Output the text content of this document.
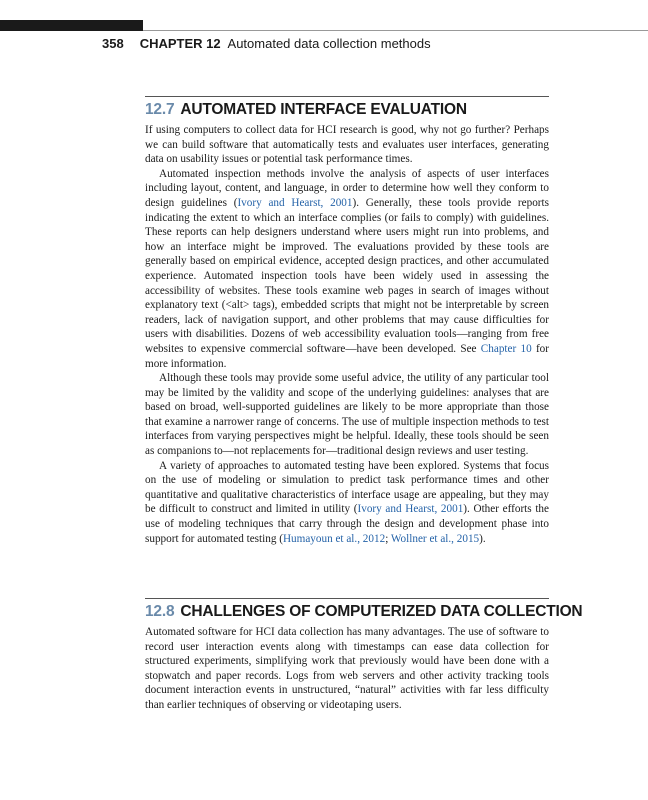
358 CHAPTER 12 Automated data collection methods
12.7 AUTOMATED INTERFACE EVALUATION

If using computers to collect data for HCI research is good, why not go further? Perhaps we can build software that automatically tests and evaluates user interfaces, generating data on usability issues or potential task performance times.

Automated inspection methods involve the analysis of aspects of user interfaces including layout, content, and language, in order to determine how well they conform to design guidelines (Ivory and Hearst, 2001). Generally, these tools provide reports indicating the extent to which an interface complies (or fails to comply) with guidelines. These reports can help designers understand where users might run into problems, and how an interface might be improved. The evaluations provided by these tools are generally based on empirical evidence, accepted design practices, and other accumulated experience. Automated inspection tools have been widely used in assessing the accessibility of websites. These tools examine web pages in search of images without explanatory text (<alt> tags), embedded scripts that might not be interpretable by screen readers, lack of navigation support, and other problems that may cause difficulties for users with disabilities. Dozens of web accessibility evaluation tools—ranging from free websites to expensive commercial software—have been developed. See Chapter 10 for more information.

Although these tools may provide some useful advice, the utility of any particular tool may be limited by the validity and scope of the underlying guidelines: analyses that are based on broad, well-supported guidelines are likely to be more appropriate than those that examine a narrower range of concerns. The use of multiple inspection methods to test interfaces from varying perspectives might be helpful. Ideally, these tools should be seen as companions to—not replacements for—traditional design reviews and user testing.

A variety of approaches to automated testing have been explored. Systems that focus on the use of modeling or simulation to predict task performance times and other quantitative and qualitative characteristics of interface usage are appealing, but they may be difficult to construct and limited in utility (Ivory and Hearst, 2001). Other efforts the use of modeling techniques that carry through the design and development phase into support for automated testing (Humayoun et al., 2012; Wollner et al., 2015).

12.8 CHALLENGES OF COMPUTERIZED DATA COLLECTION

Automated software for HCI data collection has many advantages. The use of software to record user interaction events along with timestamps can ease data collection for structured experiments, simplifying work that previously would have been done with a stopwatch and paper records. Logs from web servers and other activity tracking tools document interaction events in unstructured, “natural” activities with far less difficulty than earlier techniques of observing or videotaping users.
